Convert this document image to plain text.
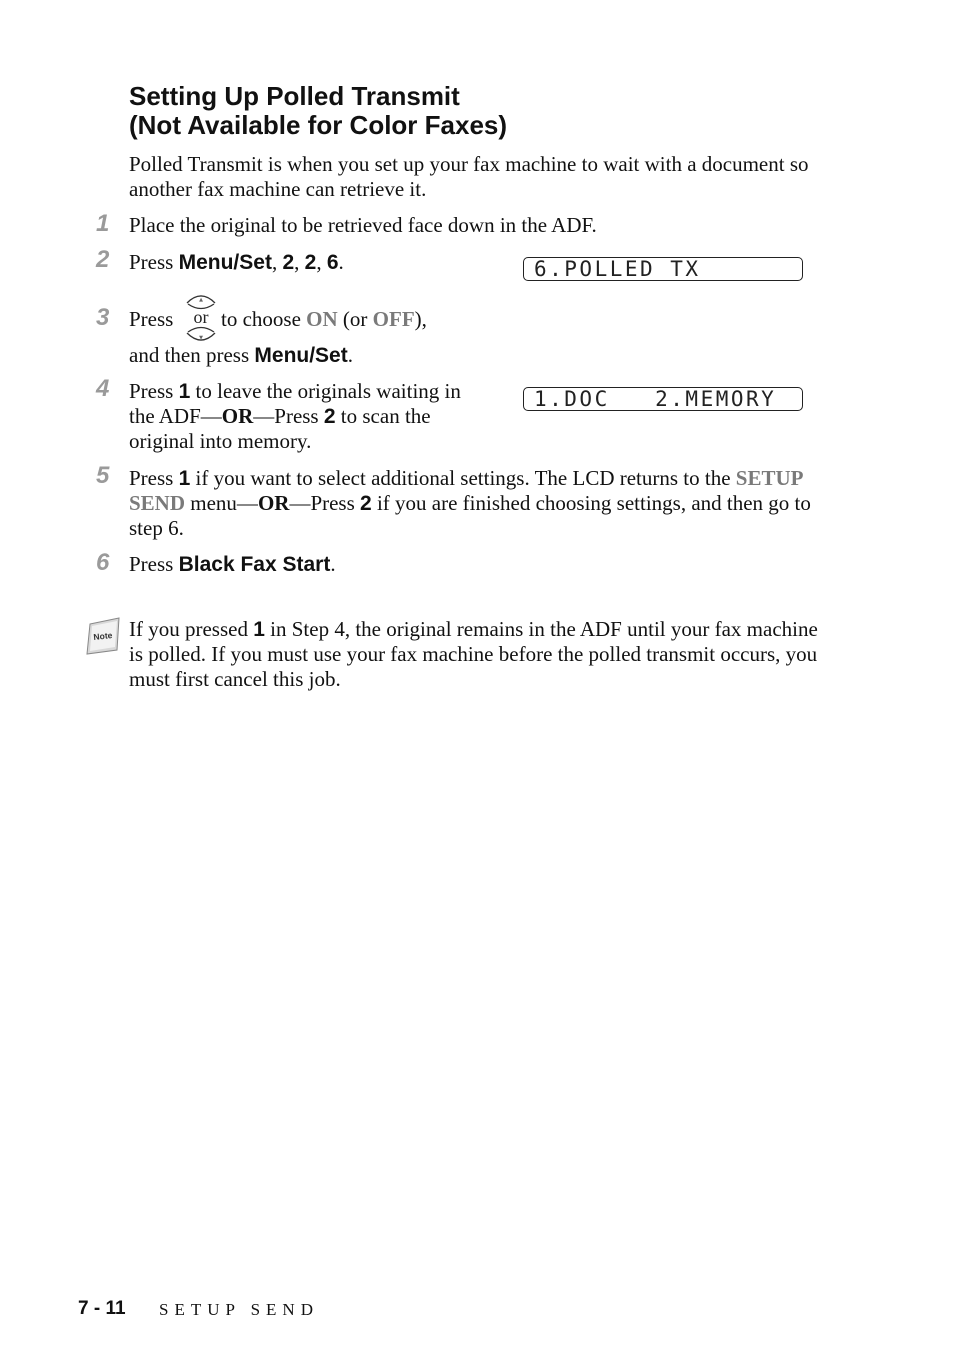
Setting Up Polled Transmit
(Not Available for Color Faxes)

Polled Transmit is when you set up your fax machine to wait with a document so another fax machine can retrieve it.

1 Place the original to be retrieved face down in the ADF.

2 Press Menu/Set, 2, 2, 6.	6.POLLED TX
3 Press

▲
or
▼

to choose ON (or OFF),

and then press Menu/Set.

4 Press 1 to leave the originals waiting in the ADF—OR—Press 2 to scan the original into memory.

1.DOC   2.MEMORY
5 Press 1 if you want to select additional settings. The LCD returns to the SETUP SEND menu—OR—Press 2 if you are finished choosing settings, and then go to step 6.

6 Press Black Fax Start.

Note If you pressed 1 in Step 4, the original remains in the ADF until your fax machine is polled. If you must use your fax machine before the polled transmit occurs, you must first cancel this job.

7 - 11 SETUP SEND
